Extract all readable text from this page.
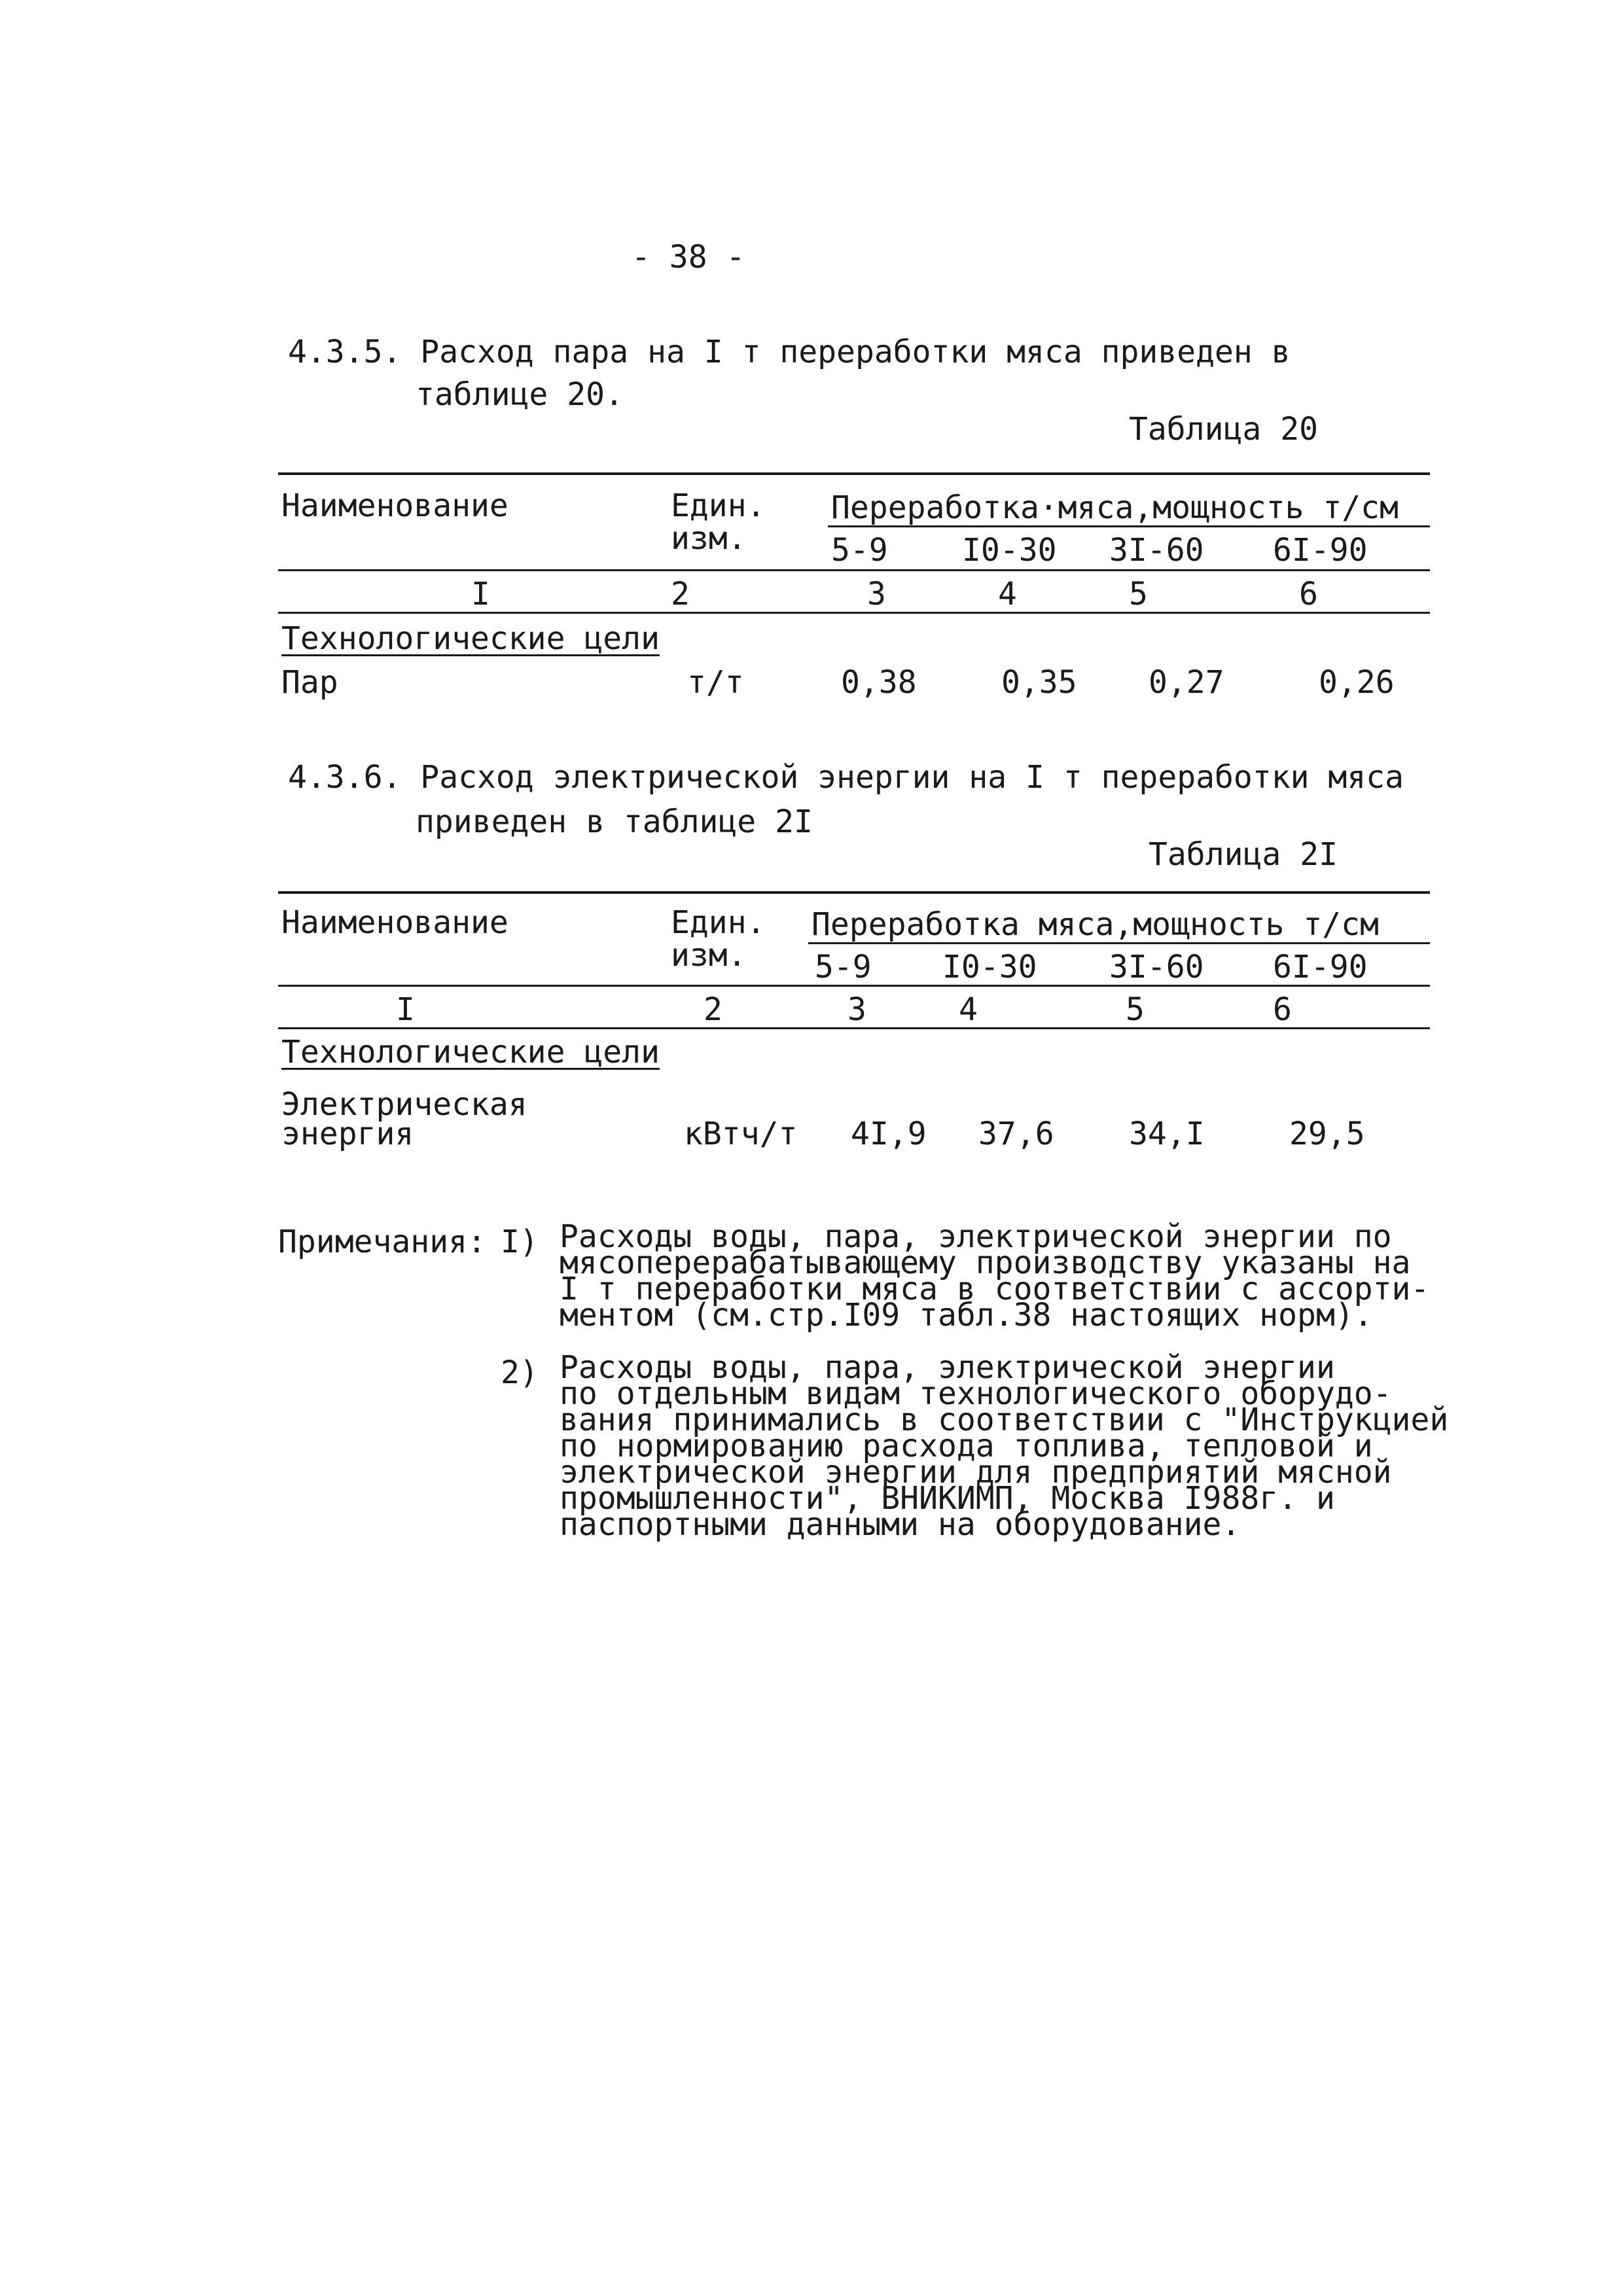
- 38 -
4.3.5. Расход пара на I т переработки мяса приведен в
таблице 20.
Таблица 20
Наименование	Един.
изм.
Переработка·мяса,мощность т/см
5-9 I0-30 3I-60 6I-90
I	2	3	4	5	6
Технологические цели
Пар	т/т	0,38	0,35 0,27	0,26
4.3.6. Расход электрической энергии на I т переработки мяса
приведен в таблице 2I
Таблица 2I
Наименование	Един.
изм.
Переработка мяса,мощность т/см
5-9 I0-30 3I-60 6I-90
I	2	3	4	5	6
Технологические цели
Электрическая
энергия	кВтч/т 4I,9 37,6 34,I	29,5
Примечания: I) Расходы воды, пара, электрической энергии по
мясоперерабатывающему производству указаны на
I т переработки мяса в соответствии с ассорти-
ментом (см.стр.I09 табл.38 настоящих норм).
2) Расходы воды, пара, электрической энергии
по отдельным видам технологического оборудо-
вания принимались в соответствии с "Инструкцией
по нормированию расхода топлива, тепловой и
электрической энергии для предприятий мясной
промышленности", ВНИКИМП, Москва I988г. и
паспортными данными на оборудование.
